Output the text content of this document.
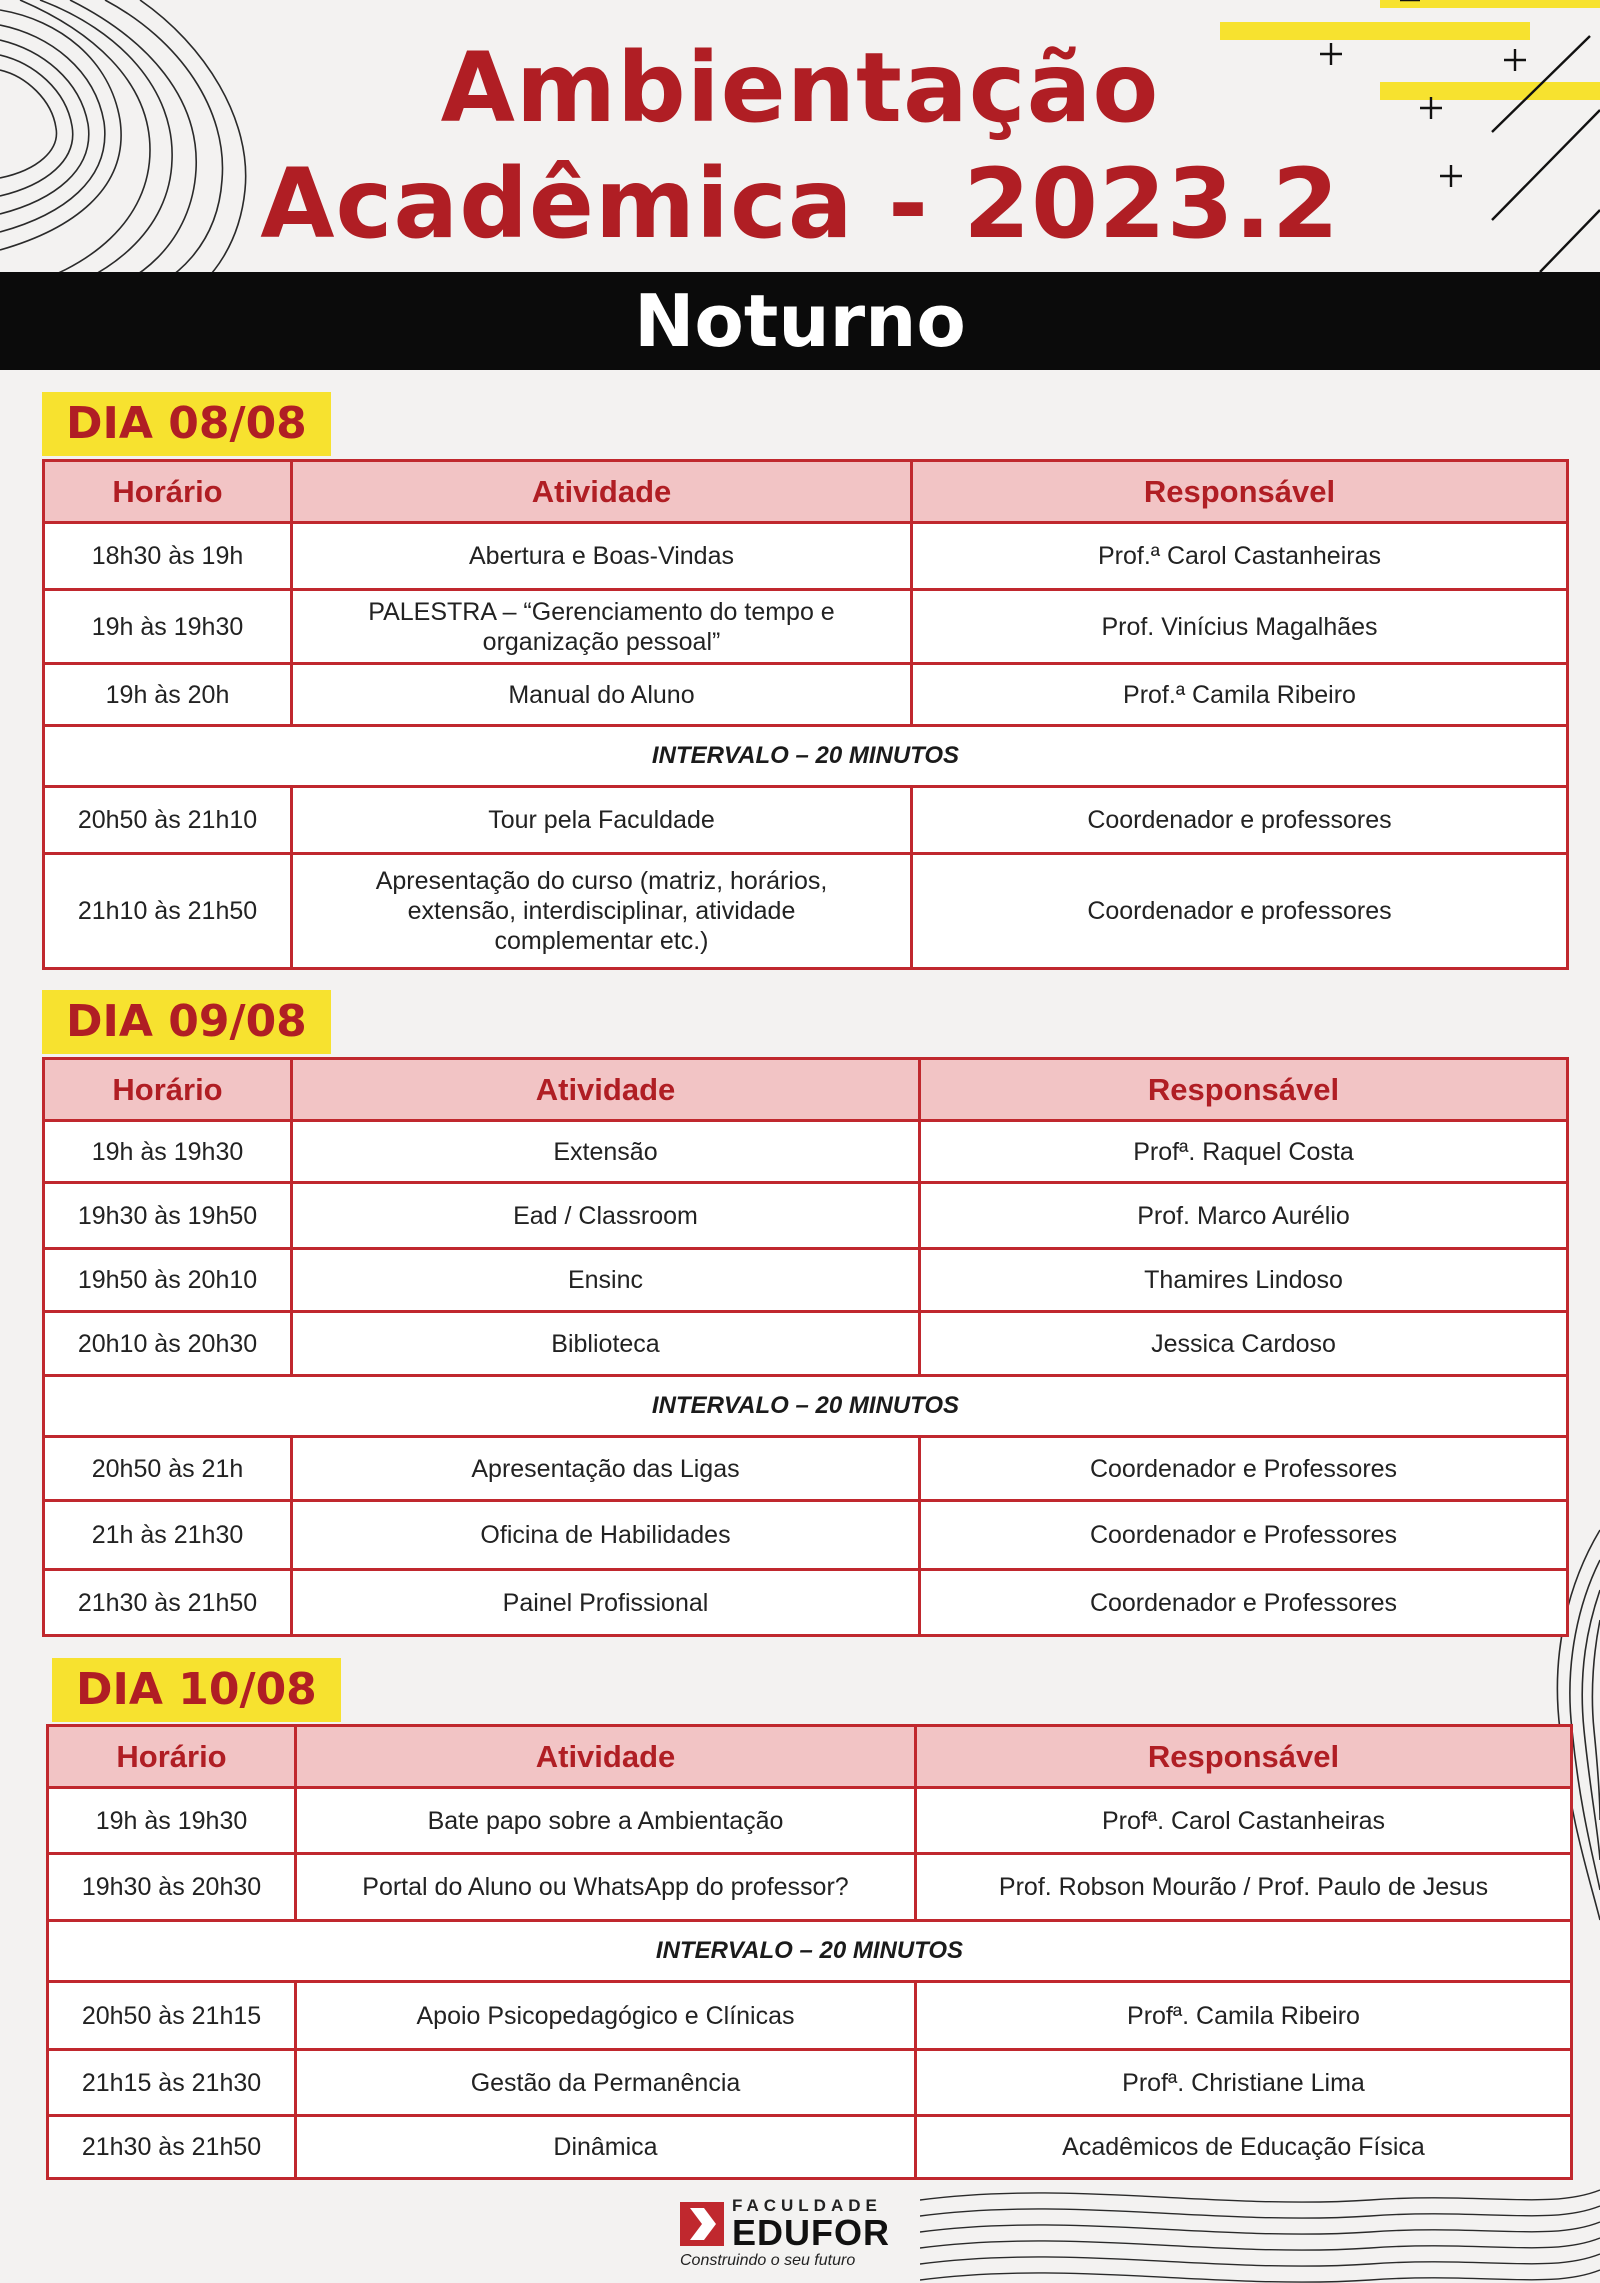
Ambientação
Acadêmica - 2023.2
Noturno
DIA 08/08
Horário	Atividade	Responsável
18h30 às 19h	Abertura e Boas-Vindas	Prof.ª Carol Castanheiras
19h às 19h30	PALESTRA – “Gerenciamento do tempo e organização pessoal”	Prof. Vinícius Magalhães
19h às 20h	Manual do Aluno	Prof.ª Camila Ribeiro
INTERVALO – 20 MINUTOS		
20h50 às 21h10	Tour pela Faculdade	Coordenador e professores
21h10 às 21h50	Apresentação do curso (matriz, horários, extensão, interdisciplinar, atividade complementar etc.)	Coordenador e professores
DIA 09/08
Horário	Atividade	Responsável
19h às 19h30	Extensão	Profª. Raquel Costa
19h30 às 19h50	Ead / Classroom	Prof. Marco Aurélio
19h50 às 20h10	Ensinc	Thamires Lindoso
20h10 às 20h30	Biblioteca	Jessica Cardoso
INTERVALO – 20 MINUTOS		
20h50 às 21h	Apresentação das Ligas	Coordenador e Professores
21h às 21h30	Oficina de Habilidades	Coordenador e Professores
21h30 às 21h50	Painel Profissional	Coordenador e Professores
DIA 10/08
Horário	Atividade	Responsável
19h às 19h30	Bate papo sobre a Ambientação	Profª. Carol Castanheiras
19h30 às 20h30	Portal do Aluno ou WhatsApp do professor?	Prof. Robson Mourão / Prof. Paulo de Jesus
INTERVALO – 20 MINUTOS		
20h50 às 21h15	Apoio Psicopedagógico e Clínicas	Profª. Camila Ribeiro
21h15 às 21h30	Gestão da Permanência	Profª. Christiane Lima
21h30 às 21h50	Dinâmica	Acadêmicos de Educação Física
FACULDADE
EDUFOR
Construindo o seu futuro
